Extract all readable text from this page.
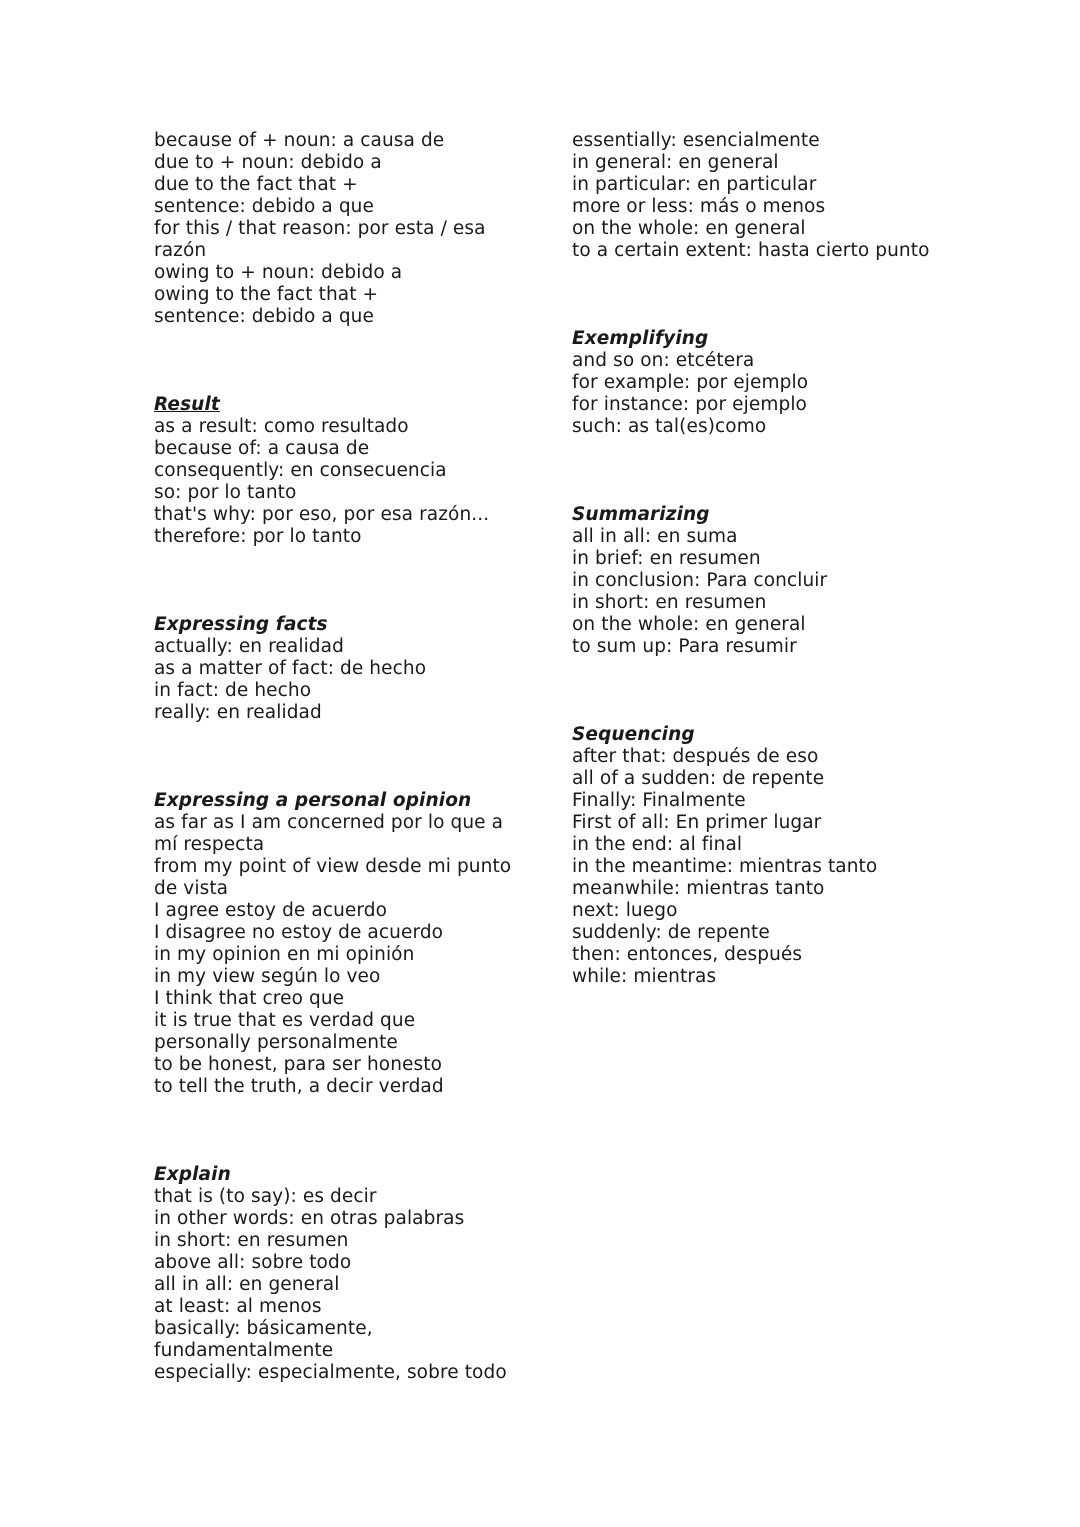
because of + noun: a causa de
due to + noun: debido a
due to the fact that +
sentence: debido a que
for this / that reason: por esta / esa
razón
owing to + noun: debido a
owing to the fact that +
sentence: debido a que
Result
as a result: como resultado
because of: a causa de
consequently: en consecuencia
so: por lo tanto
that's why: por eso, por esa razón...
therefore: por lo tanto
Expressing facts
actually: en realidad
as a matter of fact: de hecho
in fact: de hecho
really: en realidad
Expressing a personal opinion
as far as I am concerned por lo que a
mí respecta
from my point of view desde mi punto
de vista
I agree estoy de acuerdo
I disagree no estoy de acuerdo
in my opinion en mi opinión
in my view según lo veo
I think that creo que
it is true that es verdad que
personally personalmente
to be honest, para ser honesto
to tell the truth, a decir verdad
Explain
that is (to say): es decir
in other words: en otras palabras
in short: en resumen
above all: sobre todo
all in all: en general
at least: al menos
basically: básicamente,
fundamentalmente
especially: especialmente, sobre todo
essentially: esencialmente
in general: en general
in particular: en particular
more or less: más o menos
on the whole: en general
to a certain extent: hasta cierto punto
Exemplifying
and so on: etcétera
for example: por ejemplo
for instance: por ejemplo
such: as tal(es)como
Summarizing
all in all: en suma
in brief: en resumen
in conclusion: Para concluir
in short: en resumen
on the whole: en general
to sum up: Para resumir
Sequencing
after that: después de eso
all of a sudden: de repente
Finally: Finalmente
First of all: En primer lugar
in the end: al final
in the meantime: mientras tanto
meanwhile: mientras tanto
next: luego
suddenly: de repente
then: entonces, después
while: mientras
